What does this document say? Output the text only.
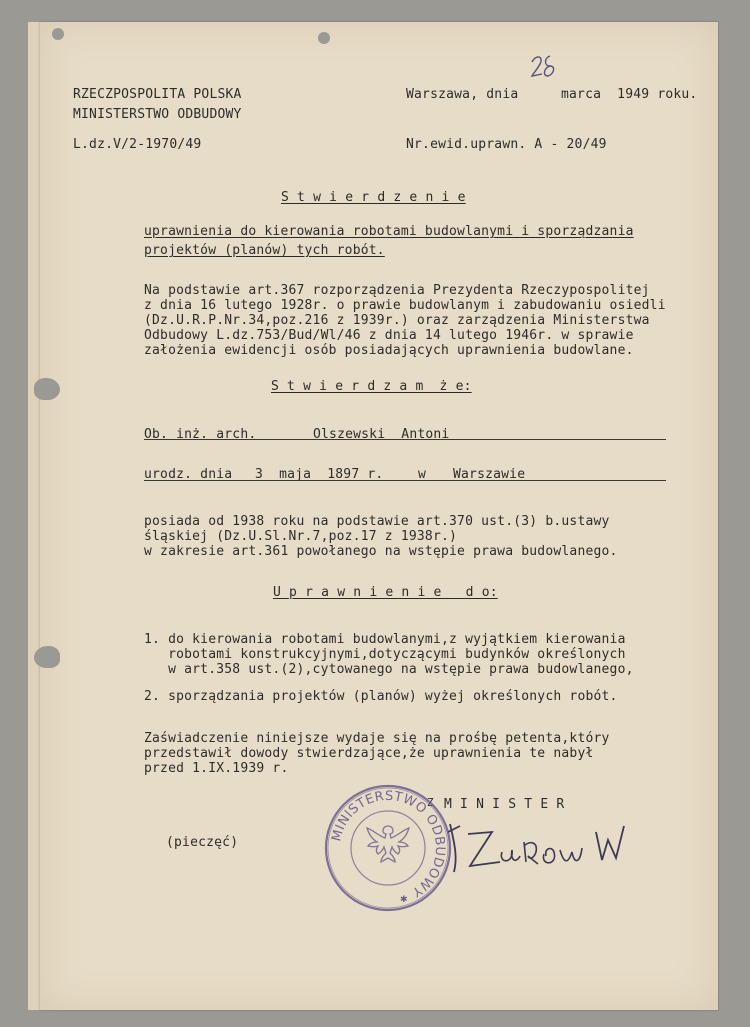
RZECZPOSPOLITA POLSKA
MINISTERSTWO ODBUDOWY
L.dz.V/2-1970/49
Warszawa, dnia	marca  1949 roku.
Nr.ewid.uprawn. A - 20/49
S t w i e r d z e n i e
uprawnienia do kierowania robotami budowlanymi i sporządzania
projektów (planów) tych robót.
Na podstawie art.367 rozporządzenia Prezydenta Rzeczypospolitej
z dnia 16 lutego 1928r. o prawie budowlanym i zabudowaniu osiedli
(Dz.U.R.P.Nr.34,poz.216 z 1939r.) oraz zarządzenia Ministerstwa
Odbudowy L.dz.753/Bud/Wl/46 z dnia 14 lutego 1946r. w sprawie
założenia ewidencji osób posiadających uprawnienia budowlane.
S t w i e r d z a m  ż e:
Ob. inż. arch.	Olszewski  Antoni
urodz. dnia 3  maja  1897 r.	w Warszawie
posiada od 1938 roku na podstawie art.370 ust.(3) b.ustawy
śląskiej (Dz.U.Sl.Nr.7,poz.17 z 1938r.)
w zakresie art.361 powołanego na wstępie prawa budowlanego.
U p r a w n i e n i e   d o:
1. do kierowania robotami budowlanymi,z wyjątkiem kierowania
robotami konstrukcyjnymi,dotyczącymi budynków określonych
w art.358 ust.(2),cytowanego na wstępie prawa budowlanego,
2. sporządzania projektów (planów) wyżej określonych robót.
Zaświadczenie niniejsze wydaje się na prośbę petenta,który
przedstawił dowody stwierdzające,że uprawnienia te nabył
przed 1.IX.1939 r.
Z M I N I S T E R
(pieczęć)	MINISTERSTWO ODBUDOWY
✱
